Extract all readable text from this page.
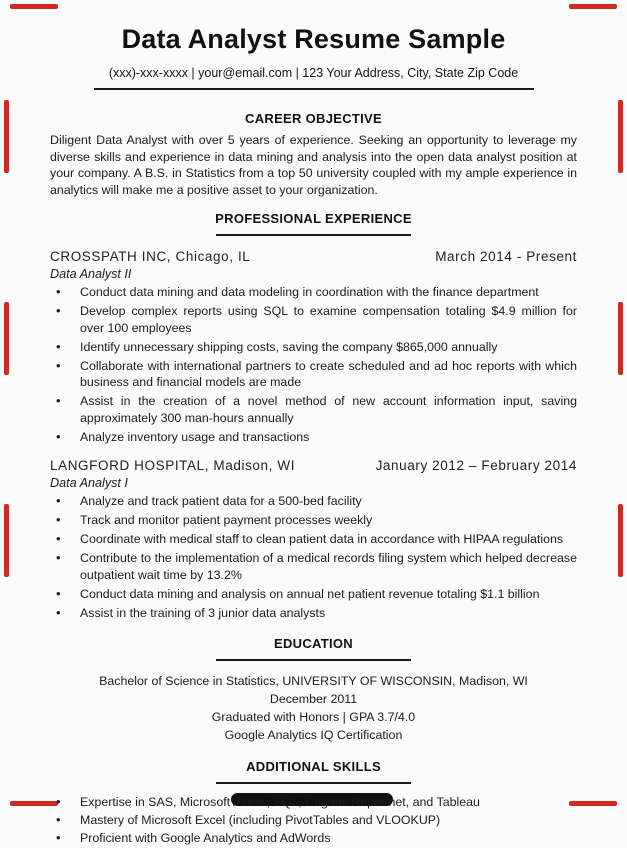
Data Analyst Resume Sample
(xxx)-xxx-xxxx | your@email.com | 123 Your Address, City, State Zip Code
CAREER OBJECTIVE

Diligent Data Analyst with over 5 years of experience. Seeking an opportunity to leverage my diverse skills and experience in data mining and analysis into the open data analyst position at your company. A B.S. in Statistics from a top 50 university coupled with my ample experience in analytics will make me a positive asset to your organization.

PROFESSIONAL EXPERIENCE
CROSSPATH INC, Chicago, IL	March 2014 - Present
Data Analyst II
• Conduct data mining and data modeling in coordination with the finance department
• Develop complex reports using SQL to examine compensation totaling $4.9 million for over 100 employees
• Identify unnecessary shipping costs, saving the company $865,000 annually
• Collaborate with international partners to create scheduled and ad hoc reports with which business and financial models are made
• Assist in the creation of a novel method of new account information input, saving approximately 300 man-hours annually
• Analyze inventory usage and transactions
LANGFORD HOSPITAL, Madison, WI	January 2012 – February 2014
Data Analyst I
• Analyze and track patient data for a 500-bed facility
• Track and monitor patient payment processes weekly
• Coordinate with medical staff to clean patient data in accordance with HIPAA regulations
• Contribute to the implementation of a medical records filing system which helped decrease outpatient wait time by 13.2%
• Conduct data mining and analysis on annual net patient revenue totaling $1.1 billion
• Assist in the training of 3 junior data analysts
EDUCATION
Bachelor of Science in Statistics, UNIVERSITY OF WISCONSIN, Madison, WI
December 2011
Graduated with Honors | GPA 3.7/4.0
Google Analytics IQ Certification
ADDITIONAL SKILLS
• Expertise in SAS, Microsoft Acess, SQL, Cognos Reportnet, and Tableau
• Mastery of Microsoft Excel (including PivotTables and VLOOKUP)
• Proficient with Google Analytics and AdWords
